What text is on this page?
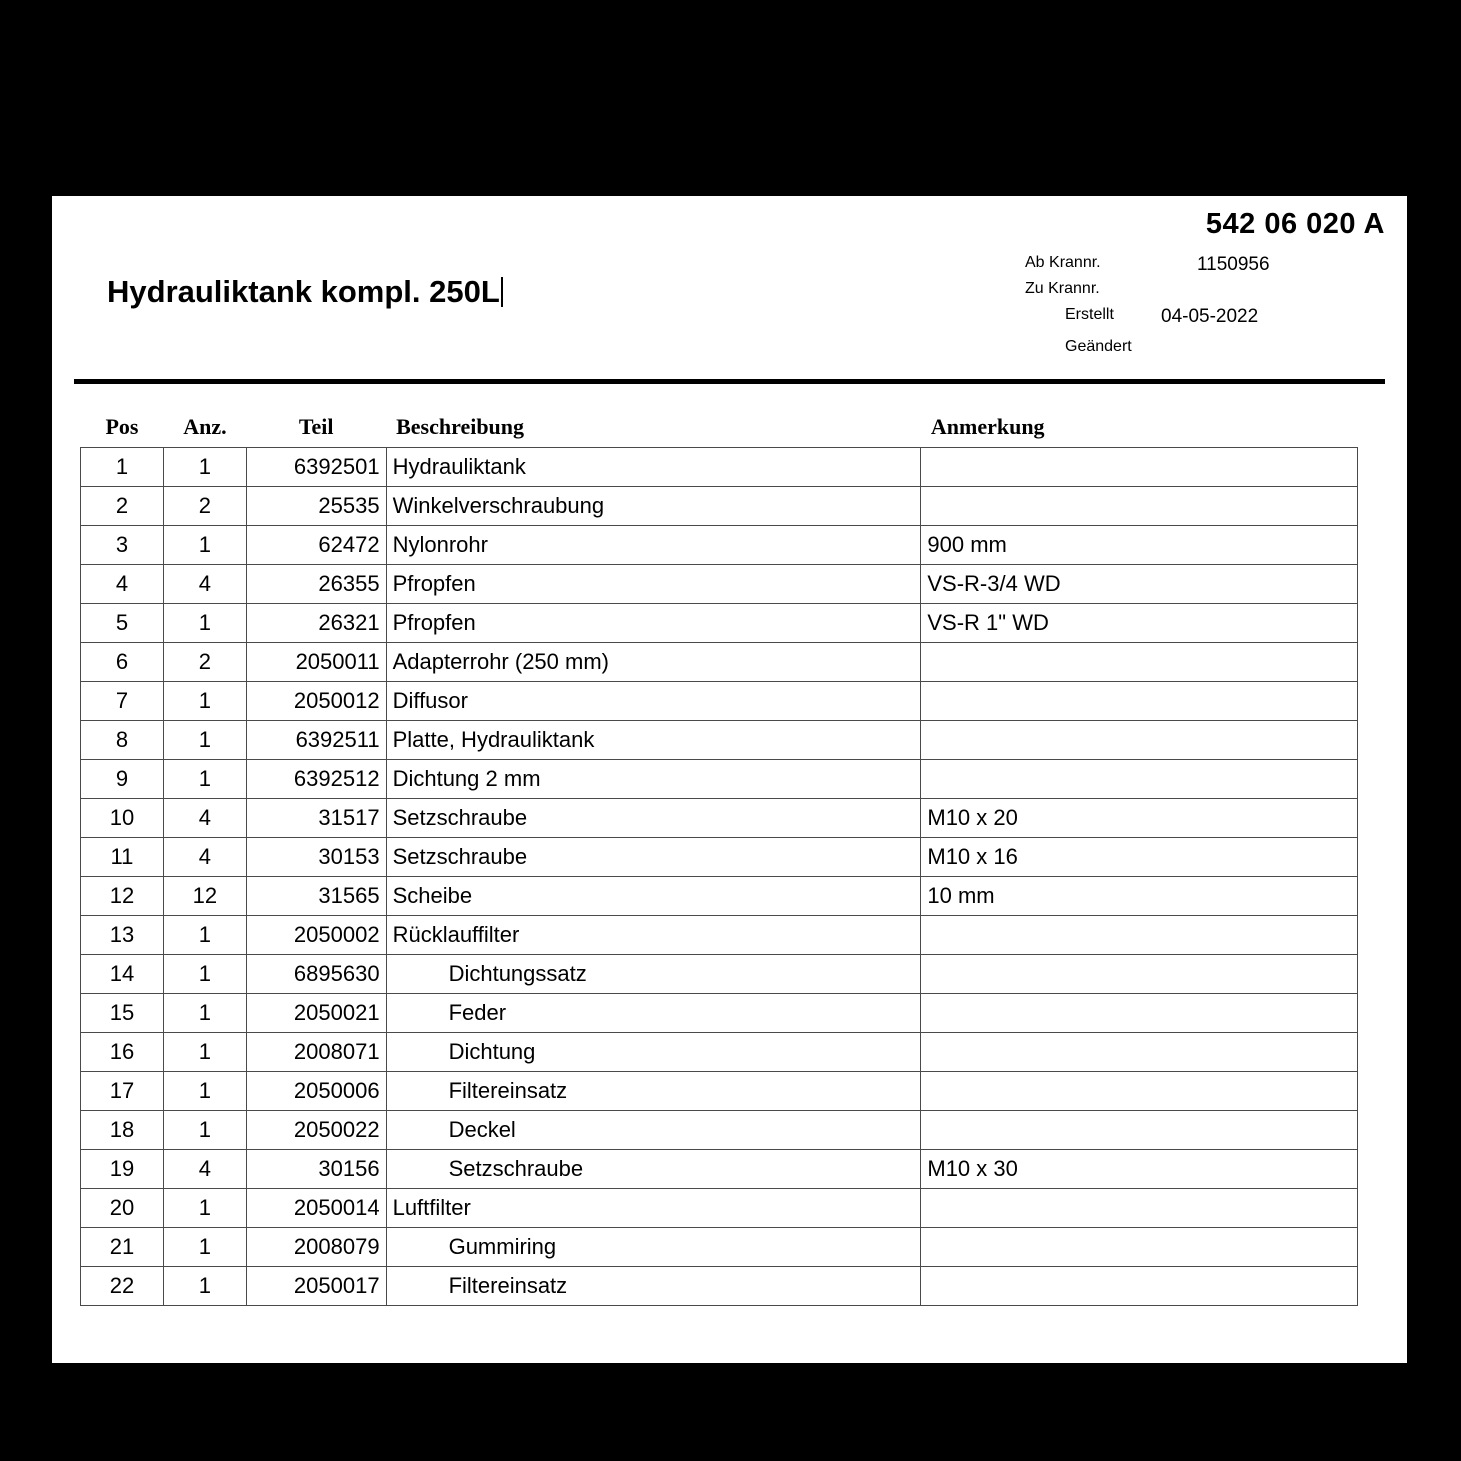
542 06 020 A
Ab Krannr.	1150956
Zu Krannr.
Erstellt 04-05-2022
Geändert
Hydrauliktank kompl. 250L
Pos	Anz.	Teil	Beschreibung	Anmerkung
1	1	6392501	Hydrauliktank	
2	2	25535	Winkelverschraubung	
3	1	62472	Nylonrohr	900 mm
4	4	26355	Pfropfen	VS-R-3/4 WD
5	1	26321	Pfropfen	VS-R 1" WD
6	2	2050011	Adapterrohr (250 mm)	
7	1	2050012	Diffusor	
8	1	6392511	Platte, Hydrauliktank	
9	1	6392512	Dichtung 2 mm	
10	4	31517	Setzschraube	M10 x 20
11	4	30153	Setzschraube	M10 x 16
12	12	31565	Scheibe	10 mm
13	1	2050002	Rücklauffilter	
14	1	6895630	Dichtungssatz	
15	1	2050021	Feder	
16	1	2008071	Dichtung	
17	1	2050006	Filtereinsatz	
18	1	2050022	Deckel	
19	4	30156	Setzschraube	M10 x 30
20	1	2050014	Luftfilter	
21	1	2008079	Gummiring	
22	1	2050017	Filtereinsatz	
